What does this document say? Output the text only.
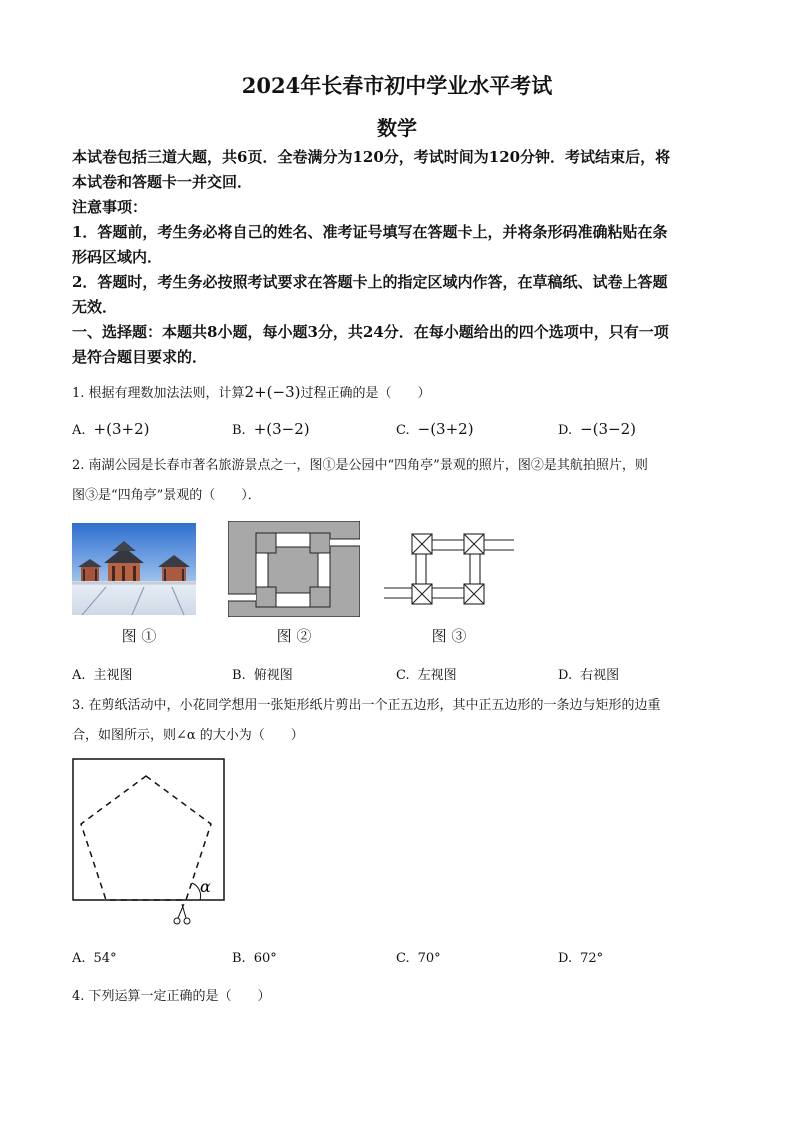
2024年长春市初中学业水平考试
数学
本试卷包括三道大题，共6页．全卷满分为120分，考试时间为120分钟．考试结束后，将
本试卷和答题卡一并交回．
注意事项：
1．答题前，考生务必将自己的姓名、准考证号填写在答题卡上，并将条形码准确粘贴在条
形码区域内．
2．答题时，考生务必按照考试要求在答题卡上的指定区域内作答，在草稿纸、试卷上答题
无效．
一、选择题：本题共8小题，每小题3分，共24分．在每小题给出的四个选项中，只有一项
是符合题目要求的．
1. 根据有理数加法法则，计算2+(−3)过程正确的是（　　）
A. +(3+2)	B. +(3−2)	C. −(3+2)	D. −(3−2)
2. 南湖公园是长春市著名旅游景点之一，图①是公园中“四角亭”景观的照片，图②是其航拍照片，则
图③是“四角亭”景观的（　　）．
图 ①	图 ②	图 ③
A. 主视图	B. 俯视图	C. 左视图	D. 右视图
3. 在剪纸活动中，小花同学想用一张矩形纸片剪出一个正五边形，其中正五边形的一条边与矩形的边重
合，如图所示，则∠α 的大小为（　　）
α
A. 54°	B. 60°	C. 70°	D. 72°
4. 下列运算一定正确的是（　　）
